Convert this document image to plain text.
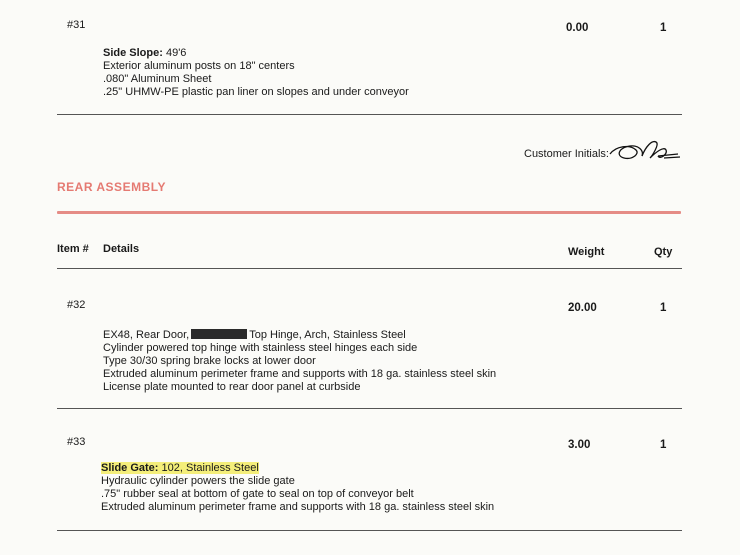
#31	0.00	1
Side Slope: 49'6
Exterior aluminum posts on 18" centers
.080" Aluminum Sheet
.25" UHMW-PE plastic pan liner on slopes and under conveyor
Customer Initials:
REAR ASSEMBLY
Item # Details	Weight	Qty
#32	20.00	1
EX48, Rear Door,	Top Hinge, Arch, Stainless Steel
Cylinder powered top hinge with stainless steel hinges each side
Type 30/30 spring brake locks at lower door
Extruded aluminum perimeter frame and supports with 18 ga. stainless steel skin
License plate mounted to rear door panel at curbside
#33	3.00	1
Slide Gate: 102, Stainless Steel
Hydraulic cylinder powers the slide gate
.75" rubber seal at bottom of gate to seal on top of conveyor belt
Extruded aluminum perimeter frame and supports with 18 ga. stainless steel skin
